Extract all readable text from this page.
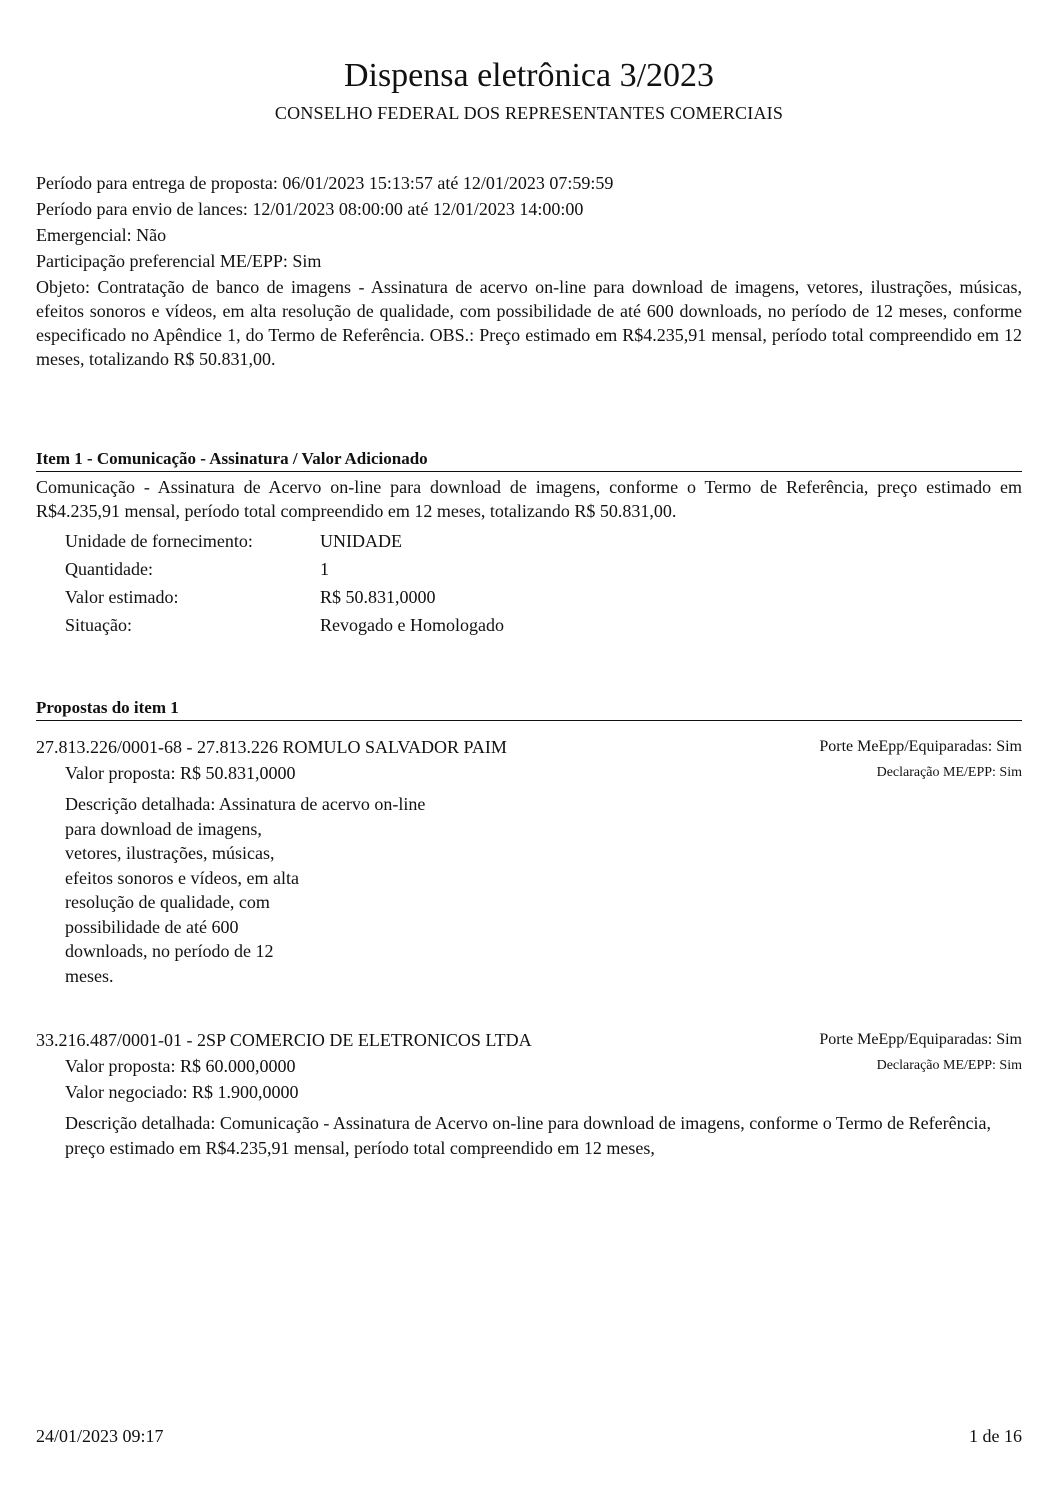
Dispensa eletrônica 3/2023
CONSELHO FEDERAL DOS REPRESENTANTES COMERCIAIS
Período para entrega de proposta: 06/01/2023 15:13:57 até 12/01/2023 07:59:59
Período para envio de lances: 12/01/2023 08:00:00 até 12/01/2023 14:00:00
Emergencial: Não
Participação preferencial ME/EPP: Sim
Objeto: Contratação de banco de imagens - Assinatura de acervo on-line para download de imagens, vetores, ilustrações, músicas, efeitos sonoros e vídeos, em alta resolução de qualidade, com possibilidade de até 600 downloads, no período de 12 meses, conforme especificado no Apêndice 1, do Termo de Referência. OBS.: Preço estimado em R$4.235,91 mensal, período total compreendido em 12 meses, totalizando R$ 50.831,00.
Item 1 - Comunicação - Assinatura / Valor Adicionado
Comunicação - Assinatura de Acervo on-line para download de imagens, conforme o Termo de Referência, preço estimado em R$4.235,91 mensal, período total compreendido em 12 meses, totalizando R$ 50.831,00.
Unidade de fornecimento:	UNIDADE
Quantidade:	1
Valor estimado:	R$ 50.831,0000
Situação:	Revogado e Homologado
Propostas do item 1
27.813.226/0001-68 - 27.813.226 ROMULO SALVADOR PAIM	Porte MeEpp/Equiparadas: Sim
Declaração ME/EPP: Sim
Valor proposta: R$ 50.831,0000
Descrição detalhada: Assinatura de acervo on-line
para download de imagens,
vetores, ilustrações, músicas,
efeitos sonoros e vídeos, em alta
resolução de qualidade, com
possibilidade de até 600
downloads, no período de 12
meses.
33.216.487/0001-01 - 2SP COMERCIO DE ELETRONICOS LTDA	Porte MeEpp/Equiparadas: Sim
Declaração ME/EPP: Sim
Valor proposta: R$ 60.000,0000
Valor negociado: R$ 1.900,0000
Descrição detalhada: Comunicação - Assinatura de Acervo on-line para download de imagens, conforme o Termo de Referência, preço estimado em R$4.235,91 mensal, período total compreendido em 12 meses,
24/01/2023 09:17	1 de 16
